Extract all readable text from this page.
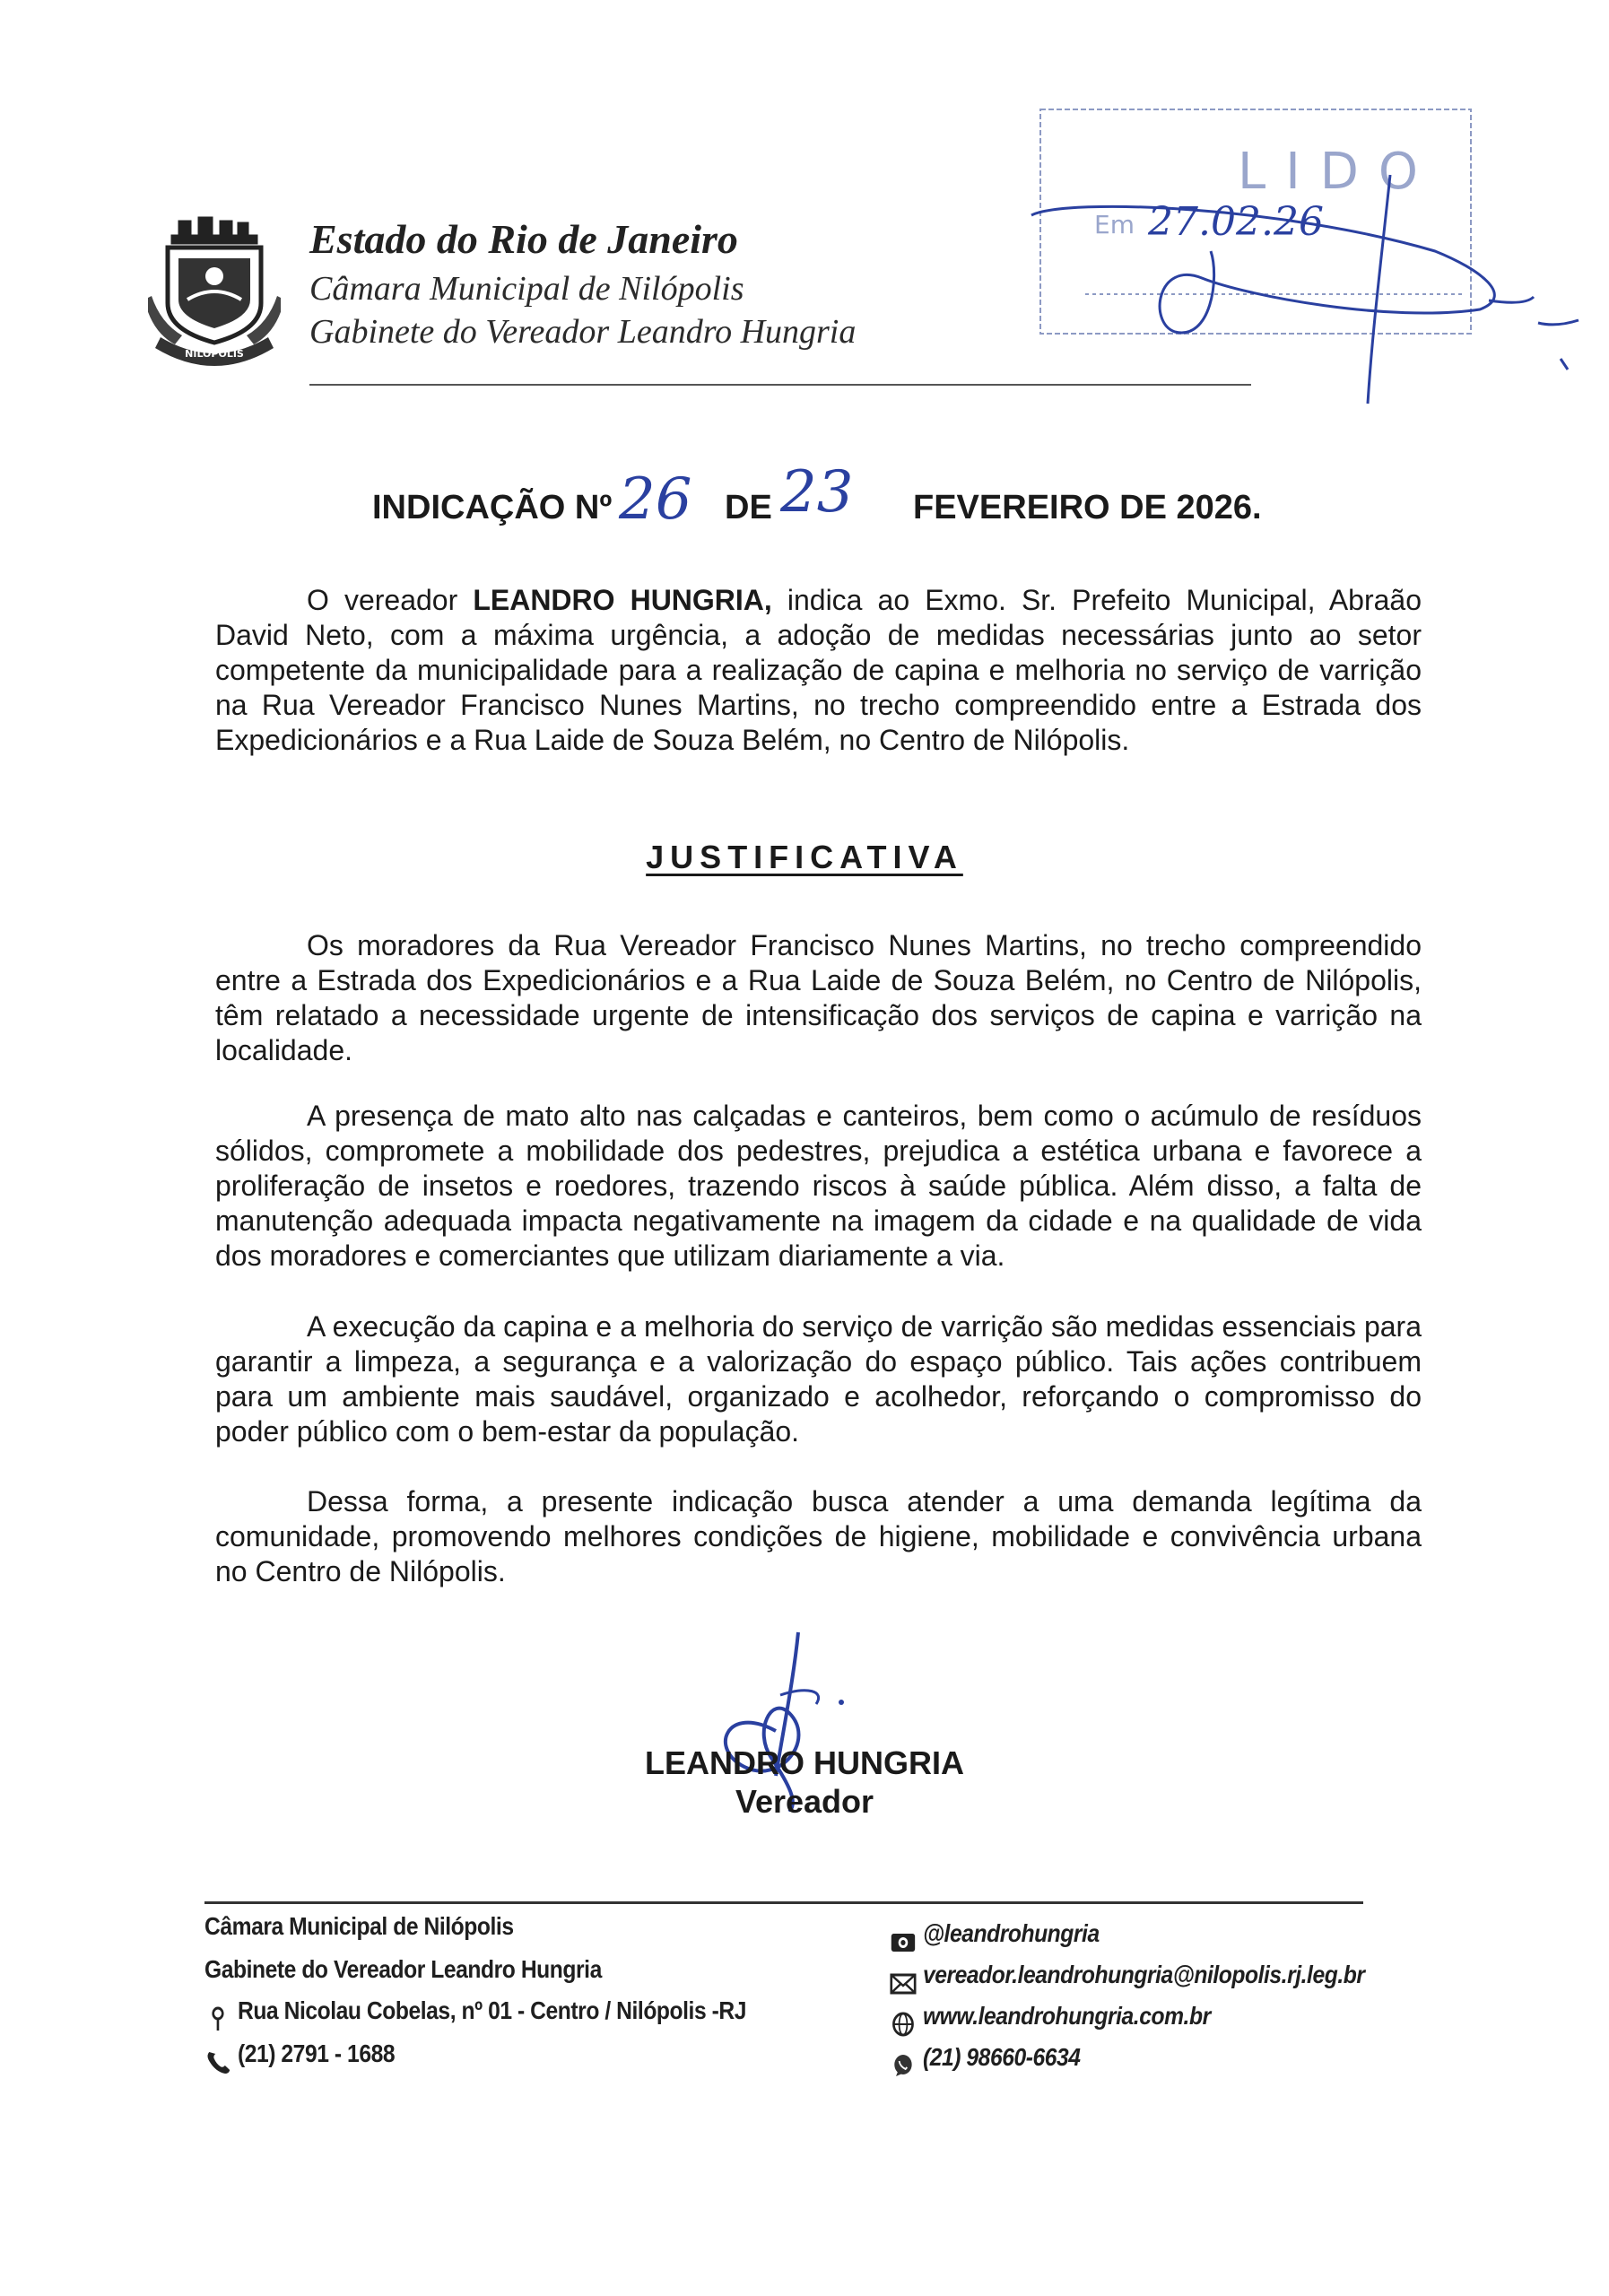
NILÓPOLIS
Estado do Rio de Janeiro
Câmara Municipal de Nilópolis
Gabinete do Vereador Leandro Hungria
LIDO
Em 27.02.26
INDICAÇÃO Nº 26 DE 23 FEVEREIRO DE 2026.

O vereador LEANDRO HUNGRIA, indica ao Exmo. Sr. Prefeito Municipal, Abraão David Neto, com a máxima urgência, a adoção de medidas necessárias junto ao setor competente da municipalidade para a realização de capina e melhoria no serviço de varrição na Rua Vereador Francisco Nunes Martins, no trecho compreendido entre a Estrada dos Expedicionários e a Rua Laide de Souza Belém, no Centro de Nilópolis.

JUSTIFICATIVA

Os moradores da Rua Vereador Francisco Nunes Martins, no trecho compreendido entre a Estrada dos Expedicionários e a Rua Laide de Souza Belém, no Centro de Nilópolis, têm relatado a necessidade urgente de intensificação dos serviços de capina e varrição na localidade.

A presença de mato alto nas calçadas e canteiros, bem como o acúmulo de resíduos sólidos, compromete a mobilidade dos pedestres, prejudica a estética urbana e favorece a proliferação de insetos e roedores, trazendo riscos à saúde pública. Além disso, a falta de manutenção adequada impacta negativamente na imagem da cidade e na qualidade de vida dos moradores e comerciantes que utilizam diariamente a via.

A execução da capina e a melhoria do serviço de varrição são medidas essenciais para garantir a limpeza, a segurança e a valorização do espaço público. Tais ações contribuem para um ambiente mais saudável, organizado e acolhedor, reforçando o compromisso do poder público com o bem-estar da população.

Dessa forma, a presente indicação busca atender a uma demanda legítima da comunidade, promovendo melhores condições de higiene, mobilidade e convivência urbana no Centro de Nilópolis.

LEANDRO HUNGRIA
Vereador
Câmara Municipal de Nilópolis
Gabinete do Vereador Leandro Hungria
Rua Nicolau Cobelas, nº 01 - Centro / Nilópolis -RJ
(21) 2791 - 1688
@leandrohungria
vereador.leandrohungria@nilopolis.rj.leg.br
www.leandrohungria.com.br
(21) 98660-6634
